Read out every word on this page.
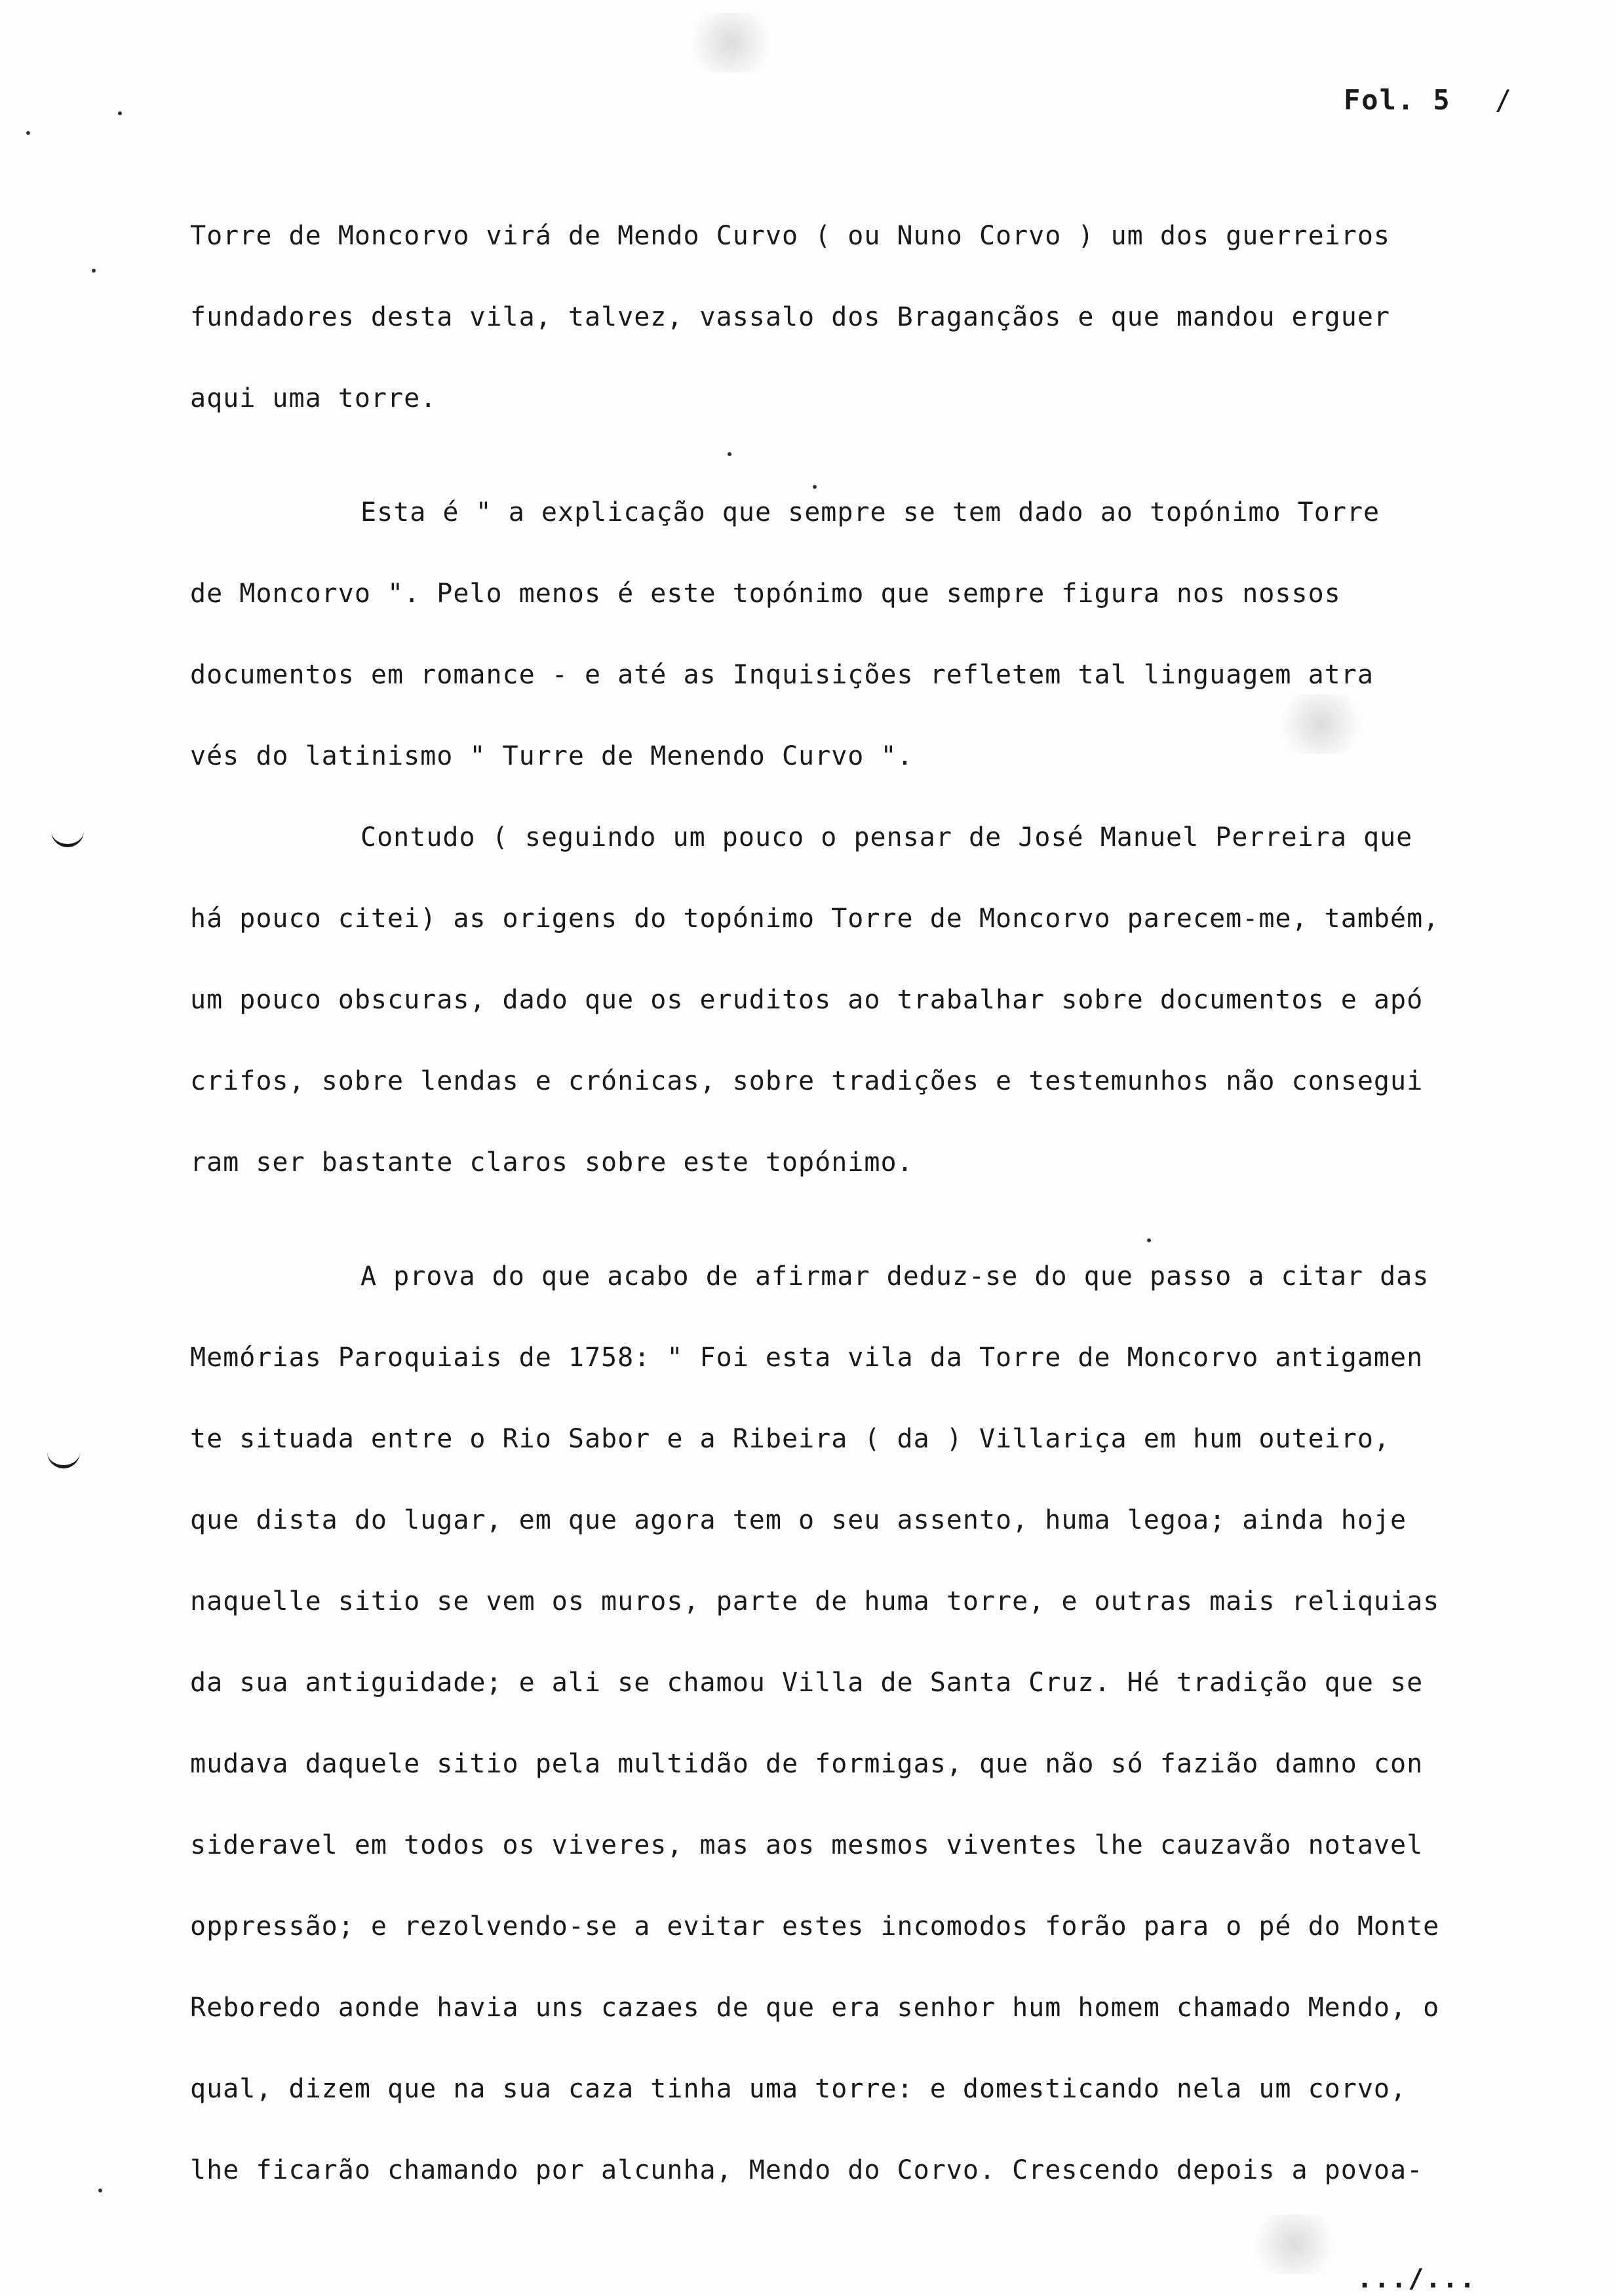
Fol. 5 /
Torre de Moncorvo virá de Mendo Curvo ( ou Nuno Corvo ) um dos guerreiros
fundadores desta vila, talvez, vassalo dos Bragançãos e que mandou erguer
aqui uma torre.
Esta é " a explicação que sempre se tem dado ao topónimo Torre
de Moncorvo ". Pelo menos é este topónimo que sempre figura nos nossos
documentos em romance - e até as Inquisições refletem tal linguagem atra
vés do latinismo " Turre de Menendo Curvo ".
Contudo ( seguindo um pouco o pensar de José Manuel Perreira que
há pouco citei) as origens do topónimo Torre de Moncorvo parecem-me, também,
um pouco obscuras, dado que os eruditos ao trabalhar sobre documentos e apó
crifos, sobre lendas e crónicas, sobre tradições e testemunhos não consegui
ram ser bastante claros sobre este topónimo.
A prova do que acabo de afirmar deduz-se do que passo a citar das
Memórias Paroquiais de 1758: " Foi esta vila da Torre de Moncorvo antigamen
te situada entre o Rio Sabor e a Ribeira ( da ) Villariça em hum outeiro,
que dista do lugar, em que agora tem o seu assento, huma legoa; ainda hoje
naquelle sitio se vem os muros, parte de huma torre, e outras mais reliquias
da sua antiguidade; e ali se chamou Villa de Santa Cruz. Hé tradição que se
mudava daquele sitio pela multidão de formigas, que não só fazião damno con
sideravel em todos os viveres, mas aos mesmos viventes lhe cauzavão notavel
oppressão; e rezolvendo-se a evitar estes incomodos forão para o pé do Monte
Reboredo aonde havia uns cazaes de que era senhor hum homem chamado Mendo, o
qual, dizem que na sua caza tinha uma torre: e domesticando nela um corvo,
lhe ficarão chamando por alcunha, Mendo do Corvo. Crescendo depois a povoa-
.../...
